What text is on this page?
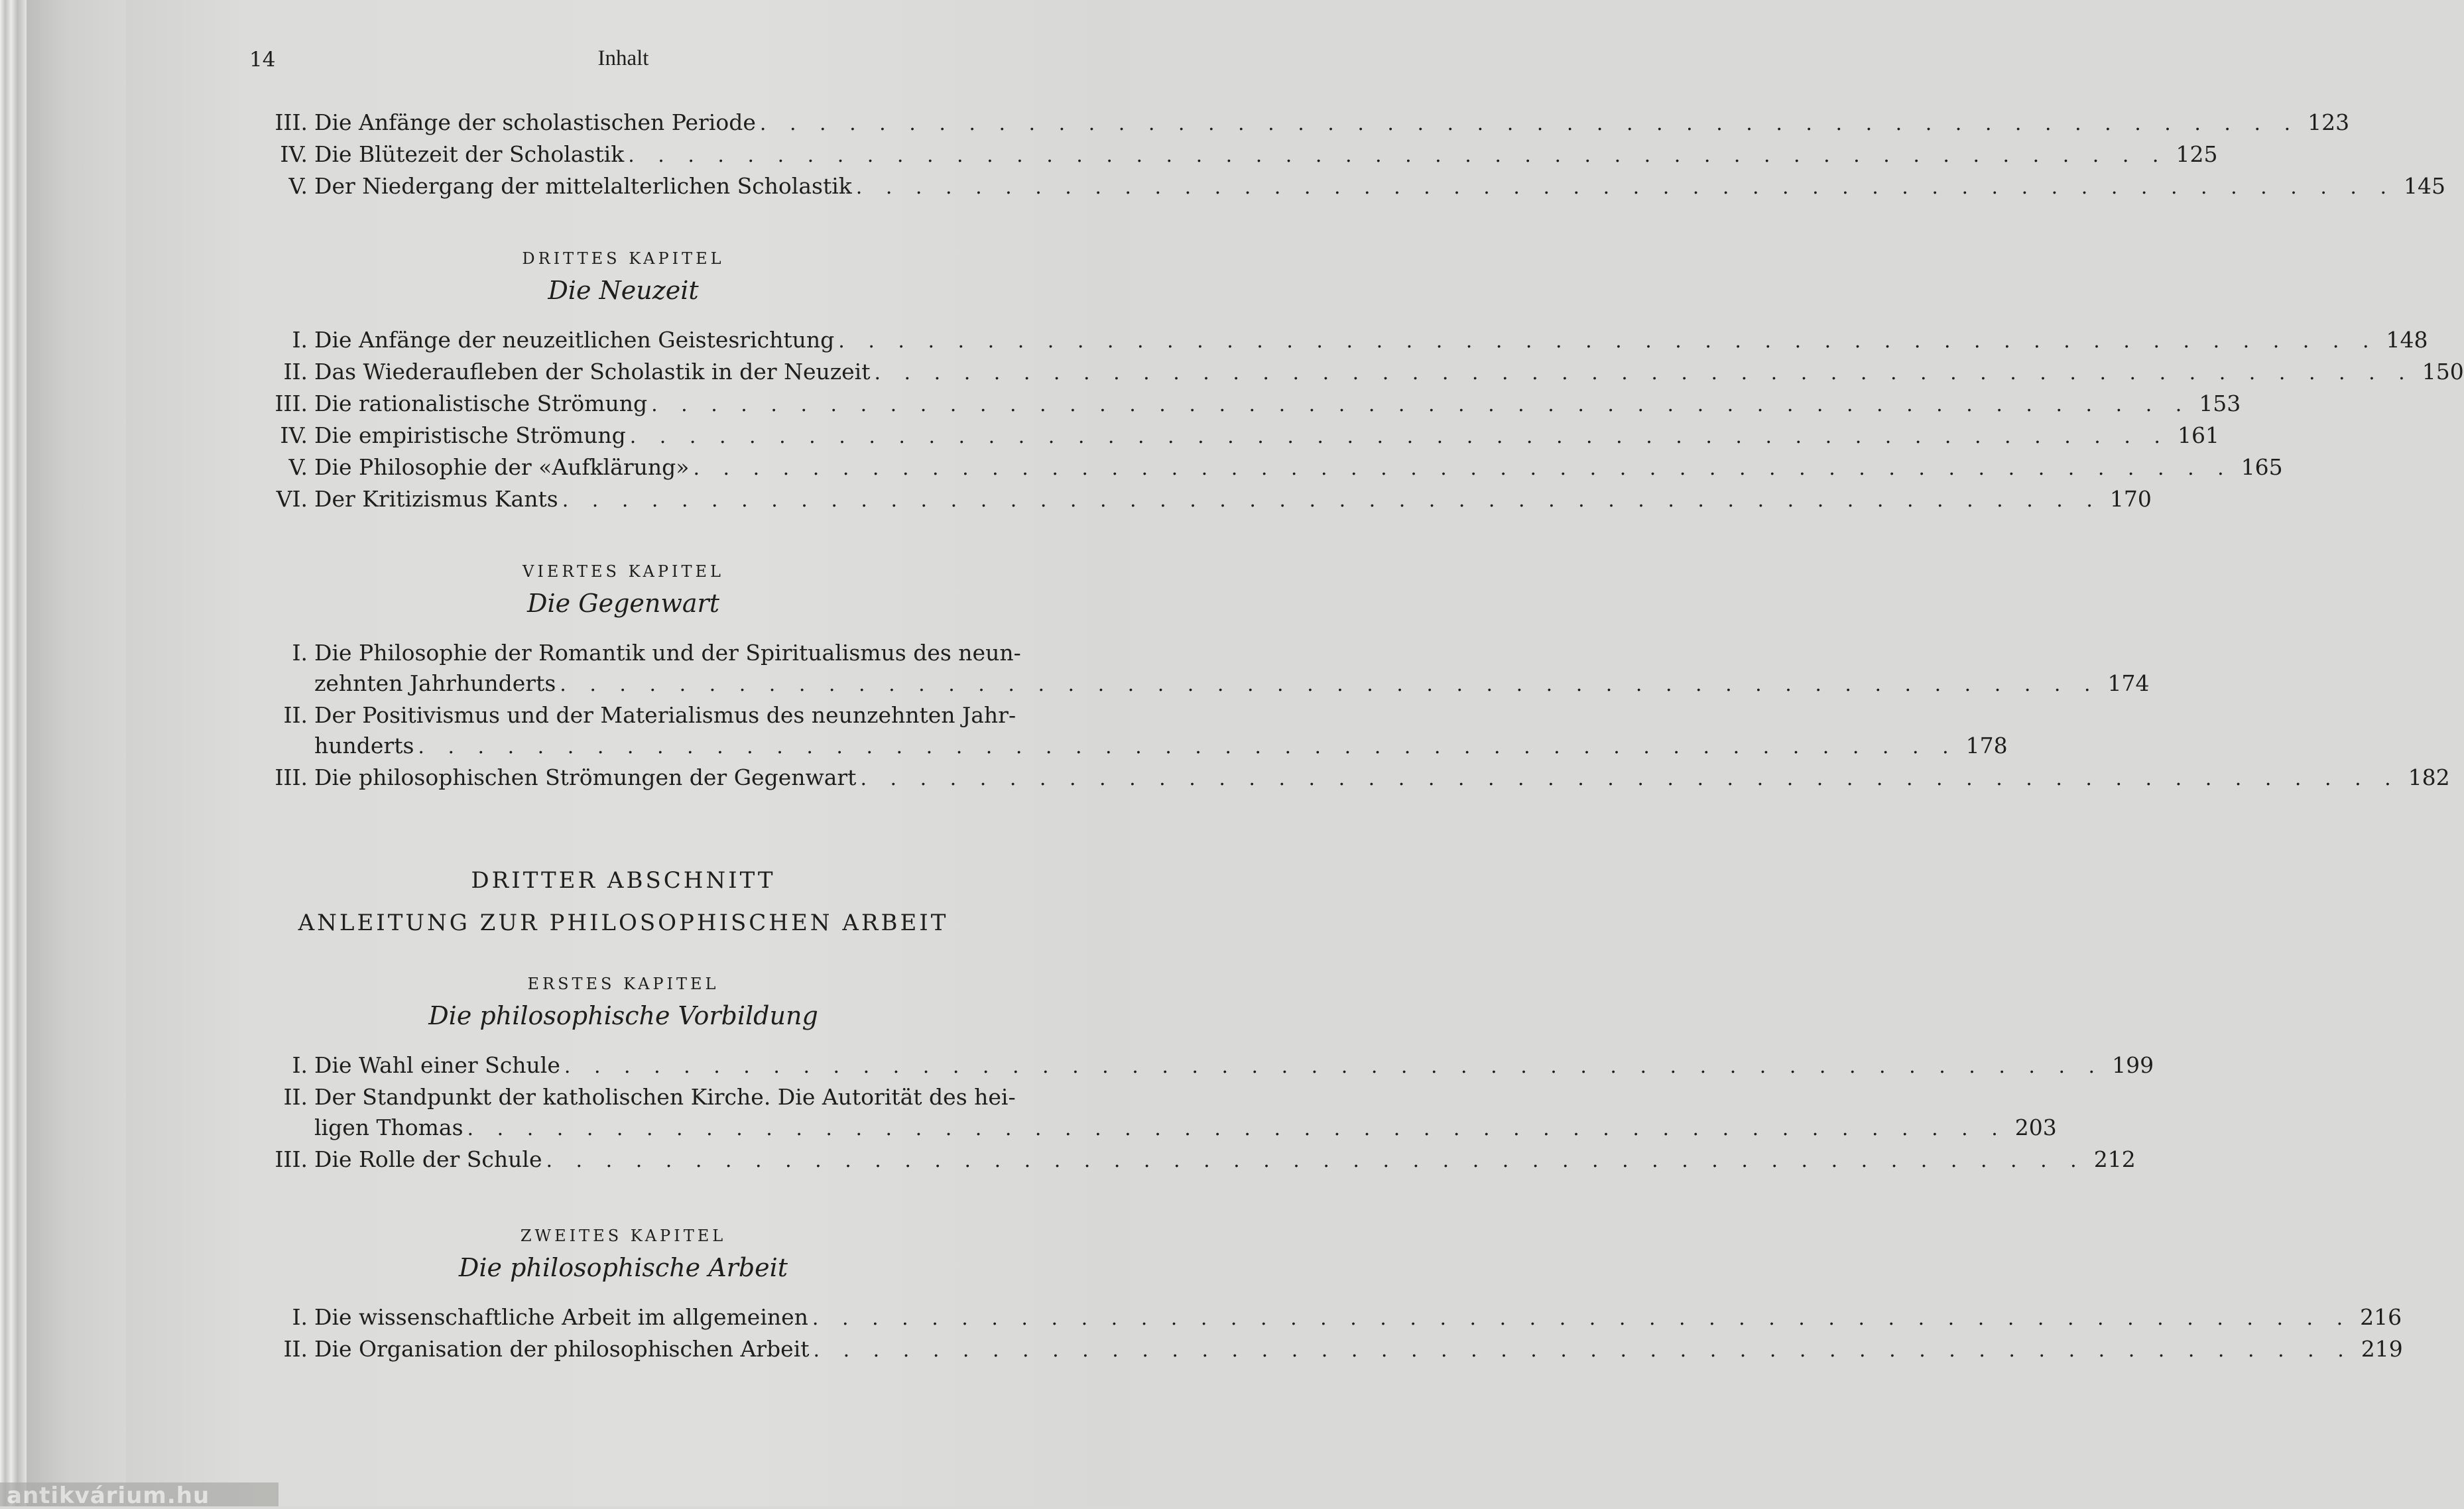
antikvárium.hu
14	Inhalt
III. Die Anfänge der scholastischen Periode . . . . . . . . . . . . . . . . . . . . . . . . . . . . . . . . . . . . . . . . . . . . . . . . . . . . 123
IV. Die Blütezeit der Scholastik . . . . . . . . . . . . . . . . . . . . . . . . . . . . . . . . . . . . . . . . . . . . . . . . . . . . 125
V. Der Niedergang der mittelalterlichen Scholastik . . . . . . . . . . . . . . . . . . . . . . . . . . . . . . . . . . . . . . . . . . . . . . . . . . . . 145
DRITTES KAPITEL
Die Neuzeit
I. Die Anfänge der neuzeitlichen Geistesrichtung . . . . . . . . . . . . . . . . . . . . . . . . . . . . . . . . . . . . . . . . . . . . . . . . . . . . 148
II. Das Wiederaufleben der Scholastik in der Neuzeit . . . . . . . . . . . . . . . . . . . . . . . . . . . . . . . . . . . . . . . . . . . . . . . . . . . . 150
III. Die rationalistische Strömung . . . . . . . . . . . . . . . . . . . . . . . . . . . . . . . . . . . . . . . . . . . . . . . . . . . . 153
IV. Die empiristische Strömung . . . . . . . . . . . . . . . . . . . . . . . . . . . . . . . . . . . . . . . . . . . . . . . . . . . . 161
V. Die Philosophie der «Aufklärung» . . . . . . . . . . . . . . . . . . . . . . . . . . . . . . . . . . . . . . . . . . . . . . . . . . . . 165
VI. Der Kritizismus Kants . . . . . . . . . . . . . . . . . . . . . . . . . . . . . . . . . . . . . . . . . . . . . . . . . . . . 170
VIERTES KAPITEL
Die Gegenwart
I. Die Philosophie der Romantik und der Spiritualismus des neun-
zehnten Jahrhunderts . . . . . . . . . . . . . . . . . . . . . . . . . . . . . . . . . . . . . . . . . . . . . . . . . . . . 174
II. Der Positivismus und der Materialismus des neunzehnten Jahr-
hunderts . . . . . . . . . . . . . . . . . . . . . . . . . . . . . . . . . . . . . . . . . . . . . . . . . . . . 178
III. Die philosophischen Strömungen der Gegenwart . . . . . . . . . . . . . . . . . . . . . . . . . . . . . . . . . . . . . . . . . . . . . . . . . . . . 182
DRITTER ABSCHNITT
ANLEITUNG ZUR PHILOSOPHISCHEN ARBEIT
ERSTES KAPITEL
Die philosophische Vorbildung
I. Die Wahl einer Schule . . . . . . . . . . . . . . . . . . . . . . . . . . . . . . . . . . . . . . . . . . . . . . . . . . . . 199
II. Der Standpunkt der katholischen Kirche. Die Autorität des hei-
ligen Thomas . . . . . . . . . . . . . . . . . . . . . . . . . . . . . . . . . . . . . . . . . . . . . . . . . . . . 203
III. Die Rolle der Schule . . . . . . . . . . . . . . . . . . . . . . . . . . . . . . . . . . . . . . . . . . . . . . . . . . . . 212
ZWEITES KAPITEL
Die philosophische Arbeit
I. Die wissenschaftliche Arbeit im allgemeinen . . . . . . . . . . . . . . . . . . . . . . . . . . . . . . . . . . . . . . . . . . . . . . . . . . . . 216
II. Die Organisation der philosophischen Arbeit . . . . . . . . . . . . . . . . . . . . . . . . . . . . . . . . . . . . . . . . . . . . . . . . . . . . 219
